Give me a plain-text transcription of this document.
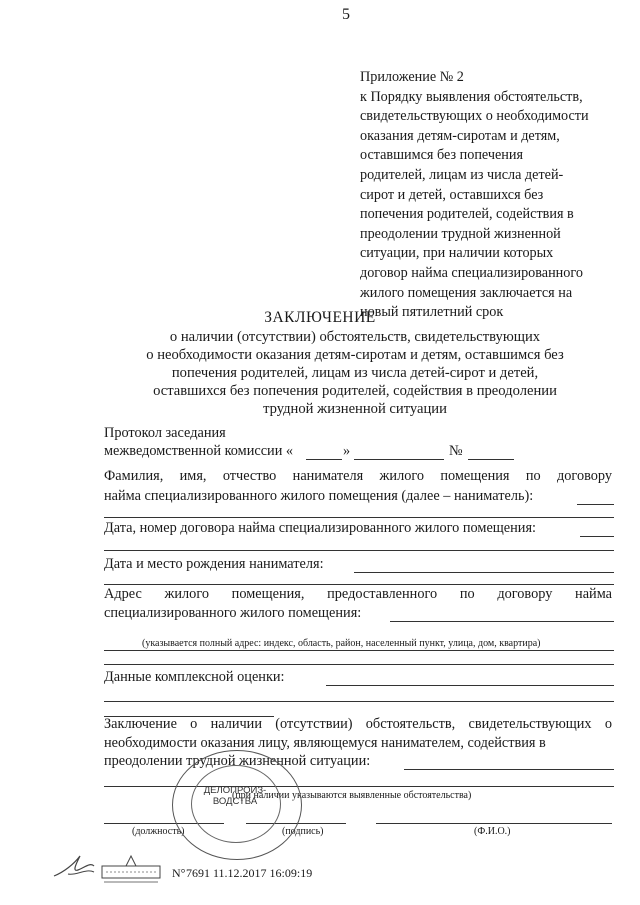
5
Приложение № 2
к Порядку выявления обстоятельств,
свидетельствующих о необходимости
оказания детям-сиротам и детям,
оставшимся без попечения
родителей, лицам из числа детей-
сирот и детей, оставшихся без
попечения родителей, содействия в
преодолении трудной жизненной
ситуации, при наличии которых
договор найма специализированного
жилого помещения заключается на
новый пятилетний срок
ЗАКЛЮЧЕНИЕ
о наличии (отсутствии) обстоятельств, свидетельствующих
о необходимости оказания детям-сиротам и детям, оставшимся без
попечения родителей, лицам из числа детей-сирот и детей,
оставшихся без попечения родителей, содействия в преодолении
трудной жизненной ситуации
Протокол заседания
межведомственной комиссии «	»	№
Фамилия, имя, отчество нанимателя жилого помещения по договору
найма специализированного жилого помещения (далее – наниматель):
Дата, номер договора найма специализированного жилого помещения:
Дата и место рождения нанимателя:
Адрес жилого помещения, предоставленного по договору найма
специализированного жилого помещения:
(указывается полный адрес: индекс, область, район, населенный пункт, улица, дом, квартира)
Данные комплексной оценки:
Заключение о наличии (отсутствии) обстоятельств, свидетельствующих о
необходимости оказания лицу, являющемуся нанимателем, содействия в
преодолении трудной жизненной ситуации:
(при наличии указываются выявленные обстоятельства)
(должность)	(подпись)	(Ф.И.О.)
ДЕЛОПРОИЗ-
ВОДСТВА
N° 7691 11.12.2017 16:09:19
